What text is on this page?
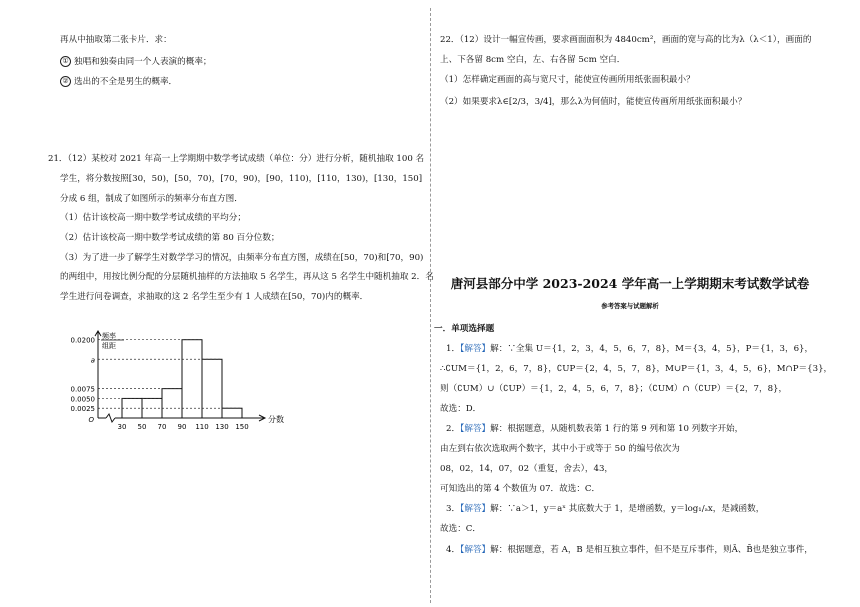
再从中抽取第二张卡片．求：
① 独唱和独奏由同一个人表演的概率；
② 选出的不全是男生的概率．
21．（12）某校对 2021 年高一上学期期中数学考试成绩（单位：分）进行分析，随机抽取 100 名
学生，将分数按照[30，50)，[50，70)，[70，90)，[90，110)，[110，130)，[130，150]
分成 6 组，制成了如图所示的频率分布直方图．
（1）估计该校高一期中数学考试成绩的平均分；
（2）估计该校高一期中数学考试成绩的第 80 百分位数；
（3）为了进一步了解学生对数学学习的情况，由频率分布直方图，成绩在[50，70)和[70，90)
的两组中，用按比例分配的分层随机抽样的方法抽取 5 名学生，再从这 5 名学生中随机抽取 2．名
学生进行问卷调查，求抽取的这 2 名学生至少有 1 人成绩在[50，70)内的概率．
0.0200
a
0.0075
0.0050
0.0025
30 50 70 90 110 130 150
O	分数
频率
组距
22．（12）设计一幅宣传画，要求画面面积为 4840cm²，画面的宽与高的比为λ（λ＜1），画面的
上、下各留 8cm 空白，左、右各留 5cm 空白．
（1）怎样确定画面的高与宽尺寸，能使宣传画所用纸张面积最小？
（2）如果要求λ∈[2/3，3/4]，那么λ为何值时，能使宣传画所用纸张面积最小？
唐河县部分中学 2023-2024 学年高一上学期期末考试数学试卷
参考答案与试题解析
一．单项选择题
1．【解答】解：∵全集 U＝{1，2，3，4，5，6，7，8}，M＝{3，4，5}，P＝{1，3，6}，
∴∁UM＝{1，2，6，7，8}，∁UP＝{2，4，5，7，8}，M∪P＝{1，3，4，5，6}，M∩P＝{3}，
则（∁UM）∪（∁UP）＝{1，2，4，5，6，7，8}；（∁UM）∩（∁UP）＝{2，7，8}，
故选：D．
2．【解答】解：根据题意，从随机数表第 1 行的第 9 列和第 10 列数字开始，
由左到右依次选取两个数字，其中小于或等于 50 的编号依次为
08，02，14，07，02（重复，舍去），43，
可知选出的第 4 个数值为 07．故选：C．
3．【解答】解：∵a＞1，y＝aˣ 其底数大于 1，是增函数，y＝log₁/ₐx，是减函数，
故选：C．
4．【解答】解：根据题意，若 A，B 是相互独立事件，但不是互斥事件，则Ā、B̄也是独立事件，
